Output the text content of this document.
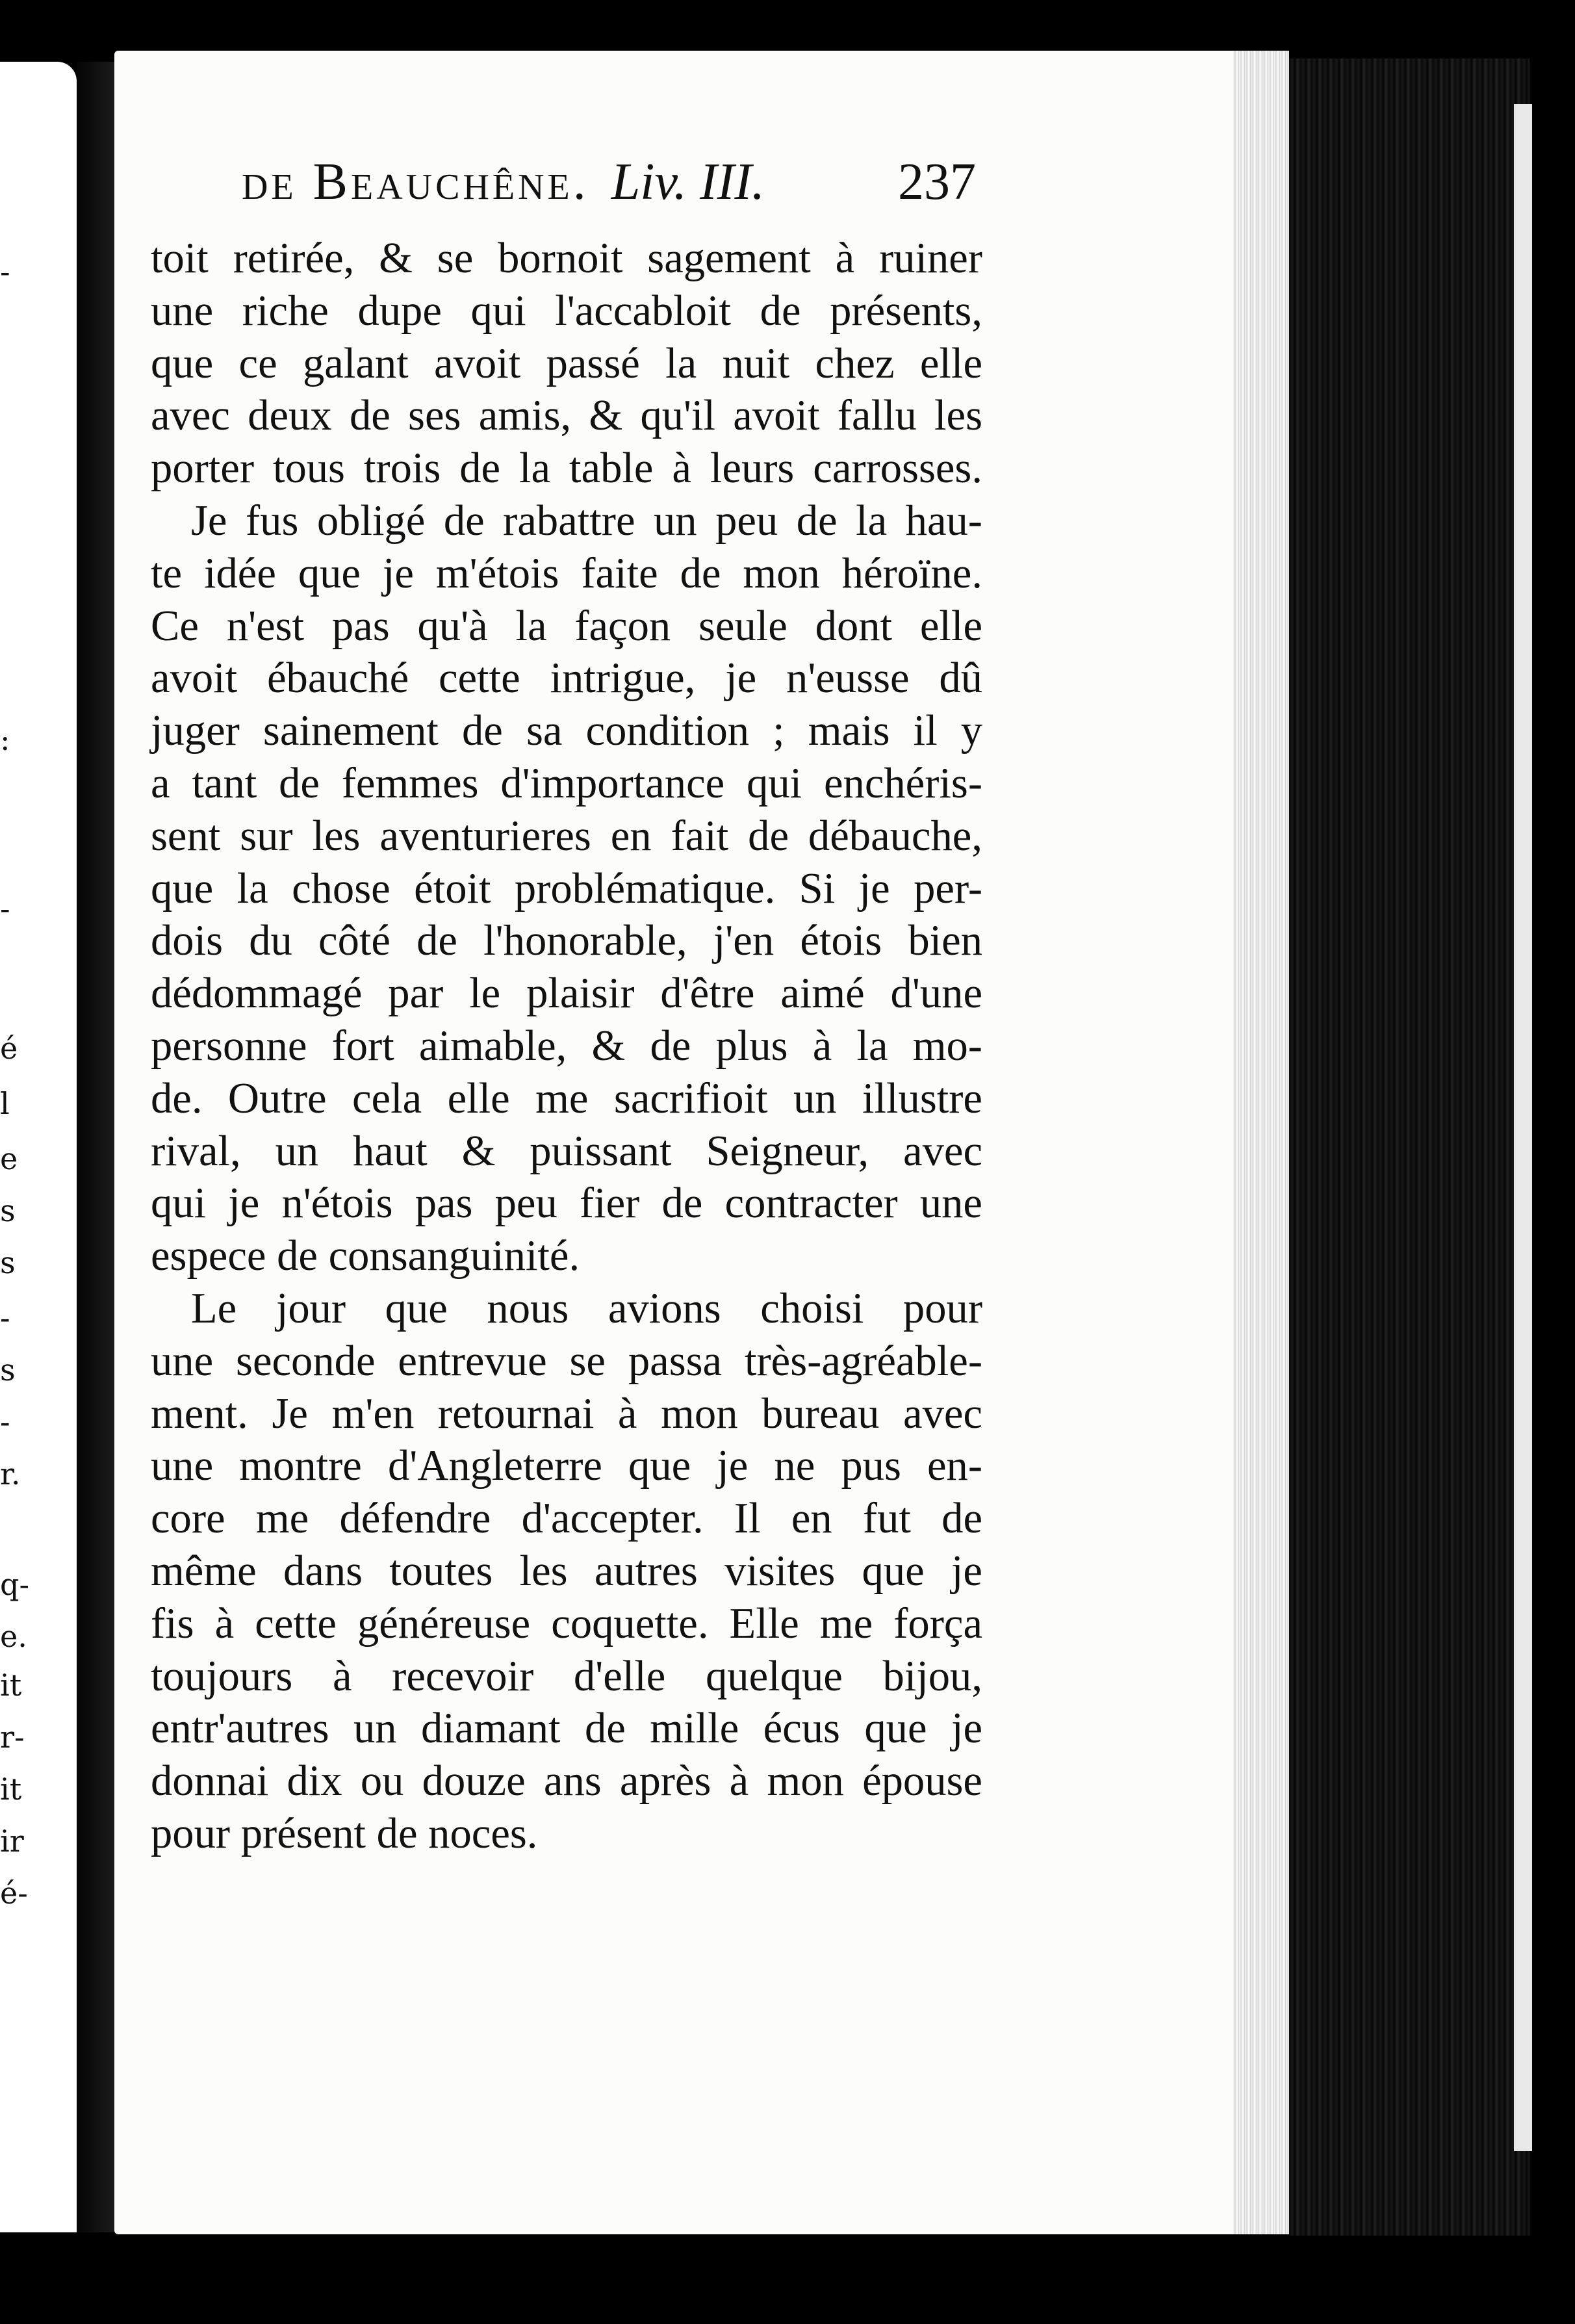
-
:
-
é
l
e
s
s
-
s
-
r.
q-
e.
it
r-
it
ir
é-
de Beauchêne. Liv. III.	237
toit retirée, & se bornoit sagement à ruiner
une riche dupe qui l'accabloit de présents,
que ce galant avoit passé la nuit chez elle
avec deux de ses amis, & qu'il avoit fallu les
porter tous trois de la table à leurs carrosses.
Je fus obligé de rabattre un peu de la hau-
te idée que je m'étois faite de mon héroïne.
Ce n'est pas qu'à la façon seule dont elle
avoit ébauché cette intrigue, je n'eusse dû
juger sainement de sa condition ; mais il y
a tant de femmes d'importance qui enchéris-
sent sur les aventurieres en fait de débauche,
que la chose étoit problématique. Si je per-
dois du côté de l'honorable, j'en étois bien
dédommagé par le plaisir d'être aimé d'une
personne fort aimable, & de plus à la mo-
de. Outre cela elle me sacrifioit un illustre
rival, un haut & puissant Seigneur, avec
qui je n'étois pas peu fier de contracter une
espece de consanguinité.
Le jour que nous avions choisi pour
une seconde entrevue se passa très-agréable-
ment. Je m'en retournai à mon bureau avec
une montre d'Angleterre que je ne pus en-
core me défendre d'accepter. Il en fut de
même dans toutes les autres visites que je
fis à cette généreuse coquette. Elle me força
toujours à recevoir d'elle quelque bijou,
entr'autres un diamant de mille écus que je
donnai dix ou douze ans après à mon épouse
pour présent de noces.
